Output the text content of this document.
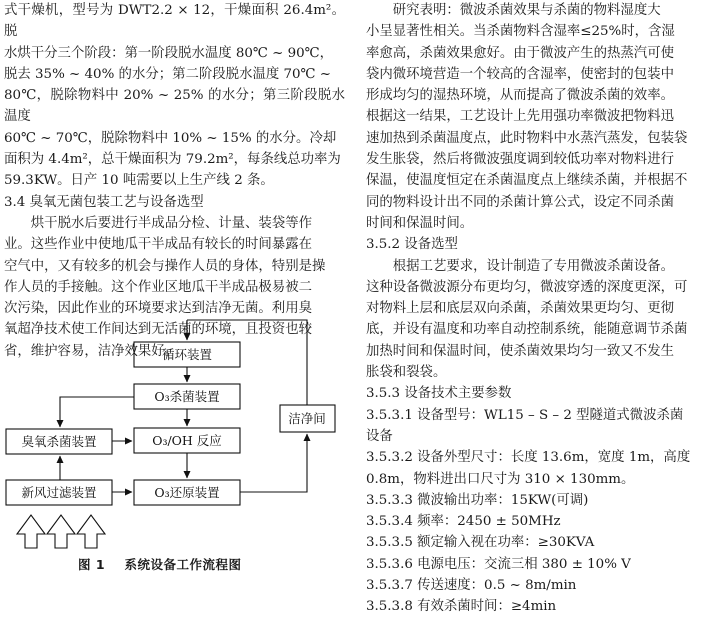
式干燥机，型号为 DWT2.2 × 12，干燥面积 26.4m²。脱
水烘干分三个阶段：第一阶段脱水温度 80℃ ~ 90℃，
脱去 35% ~ 40% 的水分；第二阶段脱水温度 70℃ ~
80℃，脱除物料中 20% ~ 25% 的水分；第三阶段脱水温度
60℃ ~ 70℃，脱除物料中 10% ~ 15% 的水分。冷却
面积为 4.4m²，总干燥面积为 79.2m²，每条线总功率为
59.3KW。日产 10 吨需要以上生产线 2 条。
3.4 臭氧无菌包装工艺与设备选型
烘干脱水后要进行半成品分检、计量、装袋等作
业。这些作业中使地瓜干半成品有较长的时间暴露在
空气中，又有较多的机会与操作人员的身体，特别是操
作人员的手接触。这个作业区地瓜干半成品极易被二
次污染，因此作业的环境要求达到洁净无菌。利用臭
氧超净技术使工作间达到无活菌的环境，且投资也较
省，维护容易，洁净效果好。
循环装置
O₃杀菌装置
O₃/OH 反应
O₃还原装置
臭氧杀菌装置
新风过滤装置
洁净间
图 1    系统设备工作流程图
研究表明：微波杀菌效果与杀菌的物料湿度大
小呈显著性相关。当杀菌物料含湿率≤25%时，含湿
率愈高，杀菌效果愈好。由于微波产生的热蒸汽可使
袋内微环境营造一个较高的含湿率，使密封的包装中
形成均匀的湿热环境，从而提高了微波杀菌的效率。
根据这一结果，工艺设计上先用强功率微波把物料迅
速加热到杀菌温度点，此时物料中水蒸汽蒸发，包装袋
发生胀袋，然后将微波强度调到较低功率对物料进行
保温，使温度恒定在杀菌温度点上继续杀菌，并根据不
同的物料设计出不同的杀菌计算公式，设定不同杀菌
时间和保温时间。
3.5.2 设备选型
根据工艺要求，设计制造了专用微波杀菌设备。
这种设备微波源分布更均匀，微波穿透的深度更深，可
对物料上层和底层双向杀菌，杀菌效果更均匀、更彻
底，并设有温度和功率自动控制系统，能随意调节杀菌
加热时间和保温时间，使杀菌效果均匀一致又不发生
胀袋和裂袋。
3.5.3 设备技术主要参数
3.5.3.1 设备型号：WL15 – S – 2 型隧道式微波杀菌
设备
3.5.3.2 设备外型尺寸：长度 13.6m，宽度 1m，高度
0.8m，物料进出口尺寸为 310 × 130mm。
3.5.3.3 微波输出功率：15KW(可调)
3.5.3.4 频率：2450 ± 50MHz
3.5.3.5 额定输入视在功率：≥30KVA
3.5.3.6 电源电压：交流三相 380 ± 10% V
3.5.3.7 传送速度：0.5 ~ 8m/min
3.5.3.8 有效杀菌时间：≥4min
